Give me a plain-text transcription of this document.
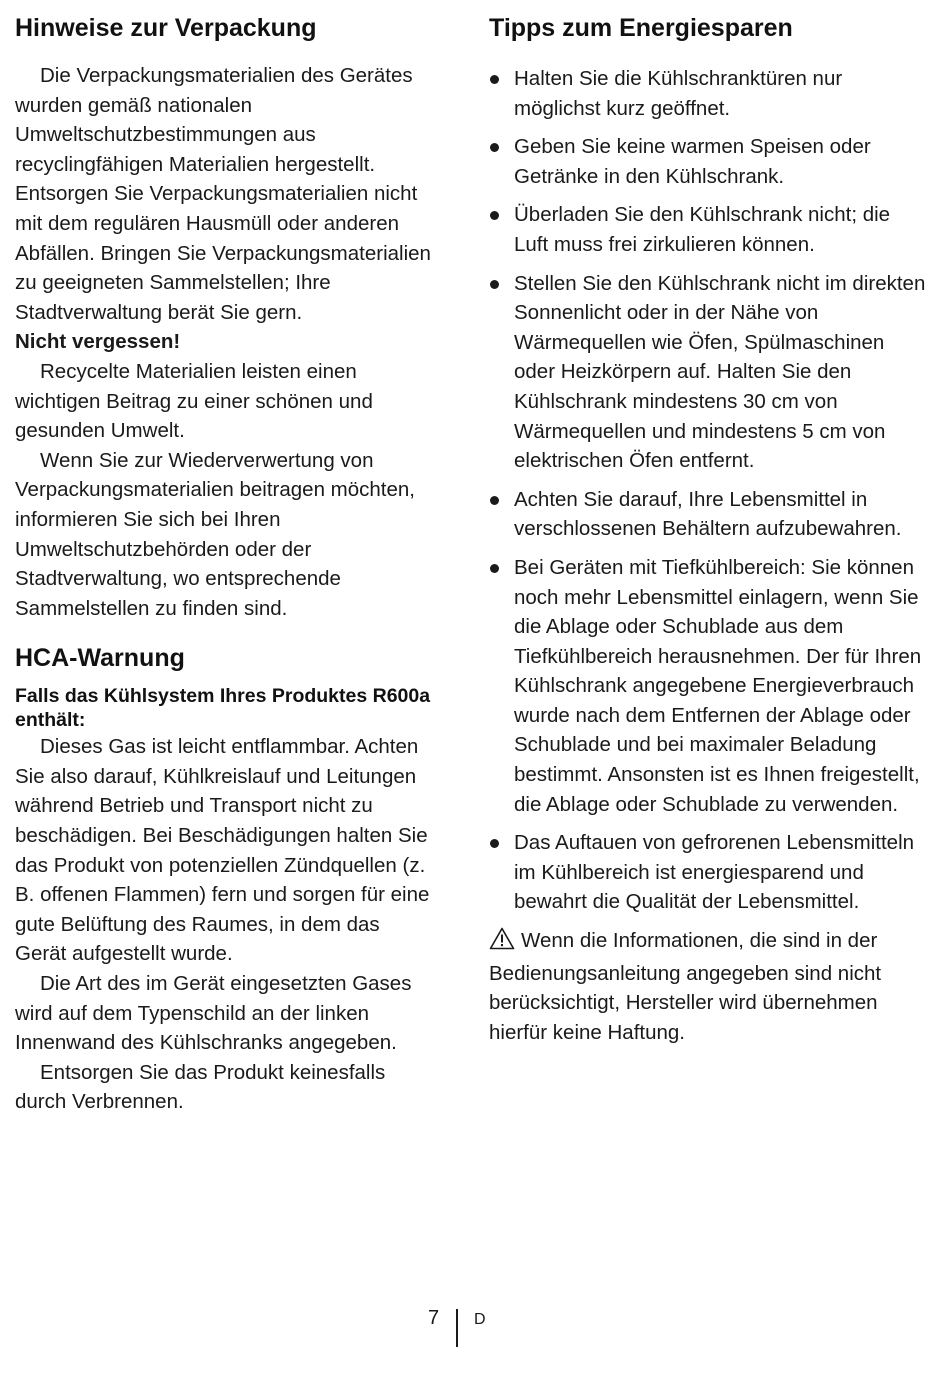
Hinweise zur Verpackung

Die Verpackungsmaterialien des Gerätes wurden gemäß nationalen Umweltschutzbestimmungen aus recyclingfähigen Materialien hergestellt. Entsorgen Sie Verpackungsmaterialien nicht mit dem regulären Hausmüll oder anderen Abfällen. Bringen Sie Verpackungsmaterialien zu geeigneten Sammelstellen; Ihre Stadtverwaltung berät Sie gern.

Nicht vergessen!

Recycelte Materialien leisten einen wichtigen Beitrag zu einer schönen und gesunden Umwelt.

Wenn Sie zur Wiederverwertung von Verpackungsmaterialien beitragen möchten, informieren Sie sich bei Ihren Umweltschutzbehörden oder der Stadtverwaltung, wo entsprechende Sammelstellen zu finden sind.

HCA-Warnung
Falls das Kühlsystem Ihres Produktes R600a enthält:

Dieses Gas ist leicht entflammbar. Achten Sie also darauf, Kühlkreislauf und Leitungen während Betrieb und Transport nicht zu beschädigen. Bei Beschädigungen halten Sie das Produkt von potenziellen Zündquellen (z. B. offenen Flammen) fern und sorgen für eine gute Belüftung des Raumes, in dem das Gerät aufgestellt wurde.

Die Art des im Gerät eingesetzten Gases wird auf dem Typenschild an der linken Innenwand des Kühlschranks angegeben.

Entsorgen Sie das Produkt keinesfalls durch Verbrennen.

Tipps zum Energiesparen
Halten Sie die Kühlschranktüren nur möglichst kurz geöffnet.
Geben Sie keine warmen Speisen oder Getränke in den Kühlschrank.
Überladen Sie den Kühlschrank nicht; die Luft muss frei zirkulieren können.
Stellen Sie den Kühlschrank nicht im direkten Sonnenlicht oder in der Nähe von Wärmequellen wie Öfen, Spülmaschinen oder Heizkörpern auf. Halten Sie den Kühlschrank mindestens 30 cm von Wärmequellen und mindestens 5 cm von elektrischen Öfen entfernt.
Achten Sie darauf, Ihre Lebensmittel in verschlossenen Behältern aufzubewahren.
Bei Geräten mit Tiefkühlbereich: Sie können noch mehr Lebensmittel einlagern, wenn Sie die Ablage oder Schublade aus dem Tiefkühlbereich herausnehmen. Der für Ihren Kühlschrank angegebene Energieverbrauch wurde nach dem Entfernen der Ablage oder Schublade und bei maximaler Beladung bestimmt. Ansonsten ist es Ihnen freigestellt, die Ablage oder Schublade zu verwenden.
Das Auftauen von gefrorenen Lebensmitteln im Kühlbereich ist energiesparend und bewahrt die Qualität der Lebensmittel.
Wenn die Informationen, die sind in der Bedienungsanleitung angegeben sind nicht berücksichtigt, Hersteller wird übernehmen hierfür keine Haftung.
7 D
